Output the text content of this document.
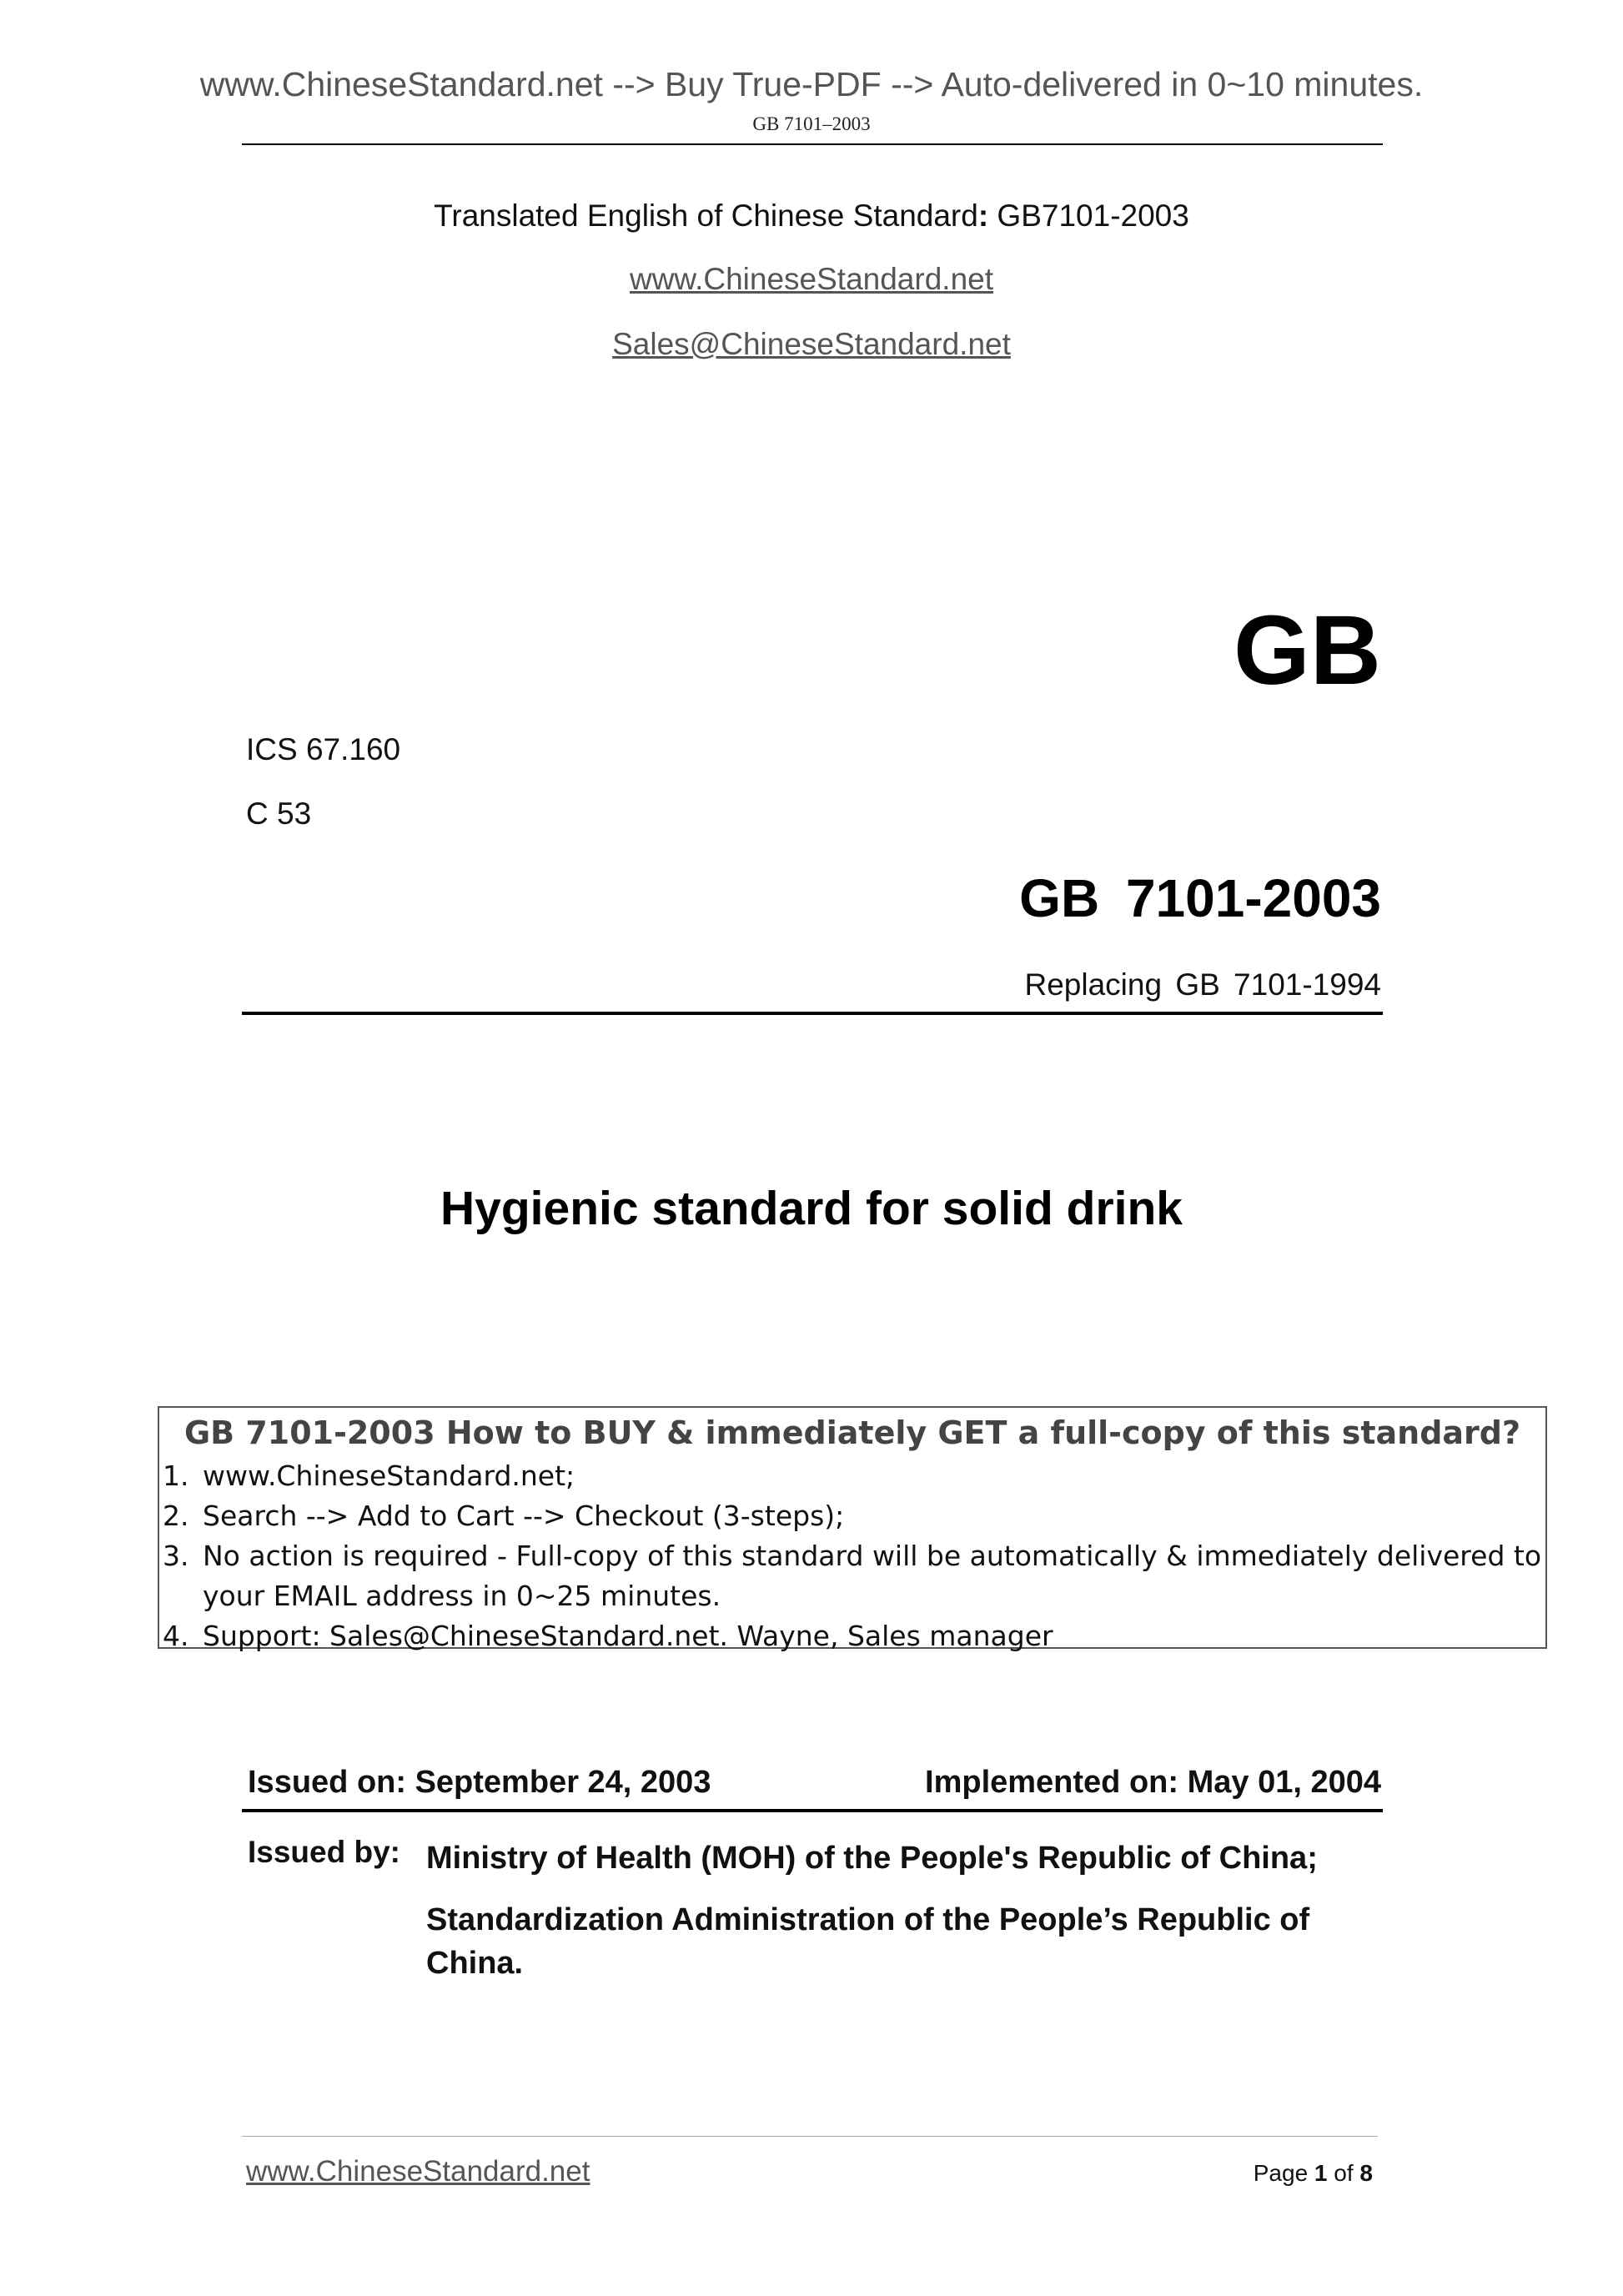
www.ChineseStandard.net --> Buy True-PDF --> Auto-delivered in 0~10 minutes.
GB 7101–2003
Translated English of Chinese Standard: GB7101-2003
www.ChineseStandard.net
Sales@ChineseStandard.net
GB
ICS 67.160
C 53
GB 7101-2003
Replacing GB 7101-1994
Hygienic standard for solid drink
GB 7101-2003 How to BUY & immediately GET a full-copy of this standard?
1. www.ChineseStandard.net;
2. Search --> Add to Cart --> Checkout (3-steps);
3. No action is required - Full-copy of this standard will be automatically & immediately delivered to
your EMAIL address in 0~25 minutes.
4. Support: Sales@ChineseStandard.net. Wayne, Sales manager
Issued on: September 24, 2003	Implemented on: May 01, 2004
Issued by: Ministry of Health (MOH) of the People's Republic of China;
Standardization Administration of the People’s Republic of
China.
www.ChineseStandard.net	Page 1 of 8
